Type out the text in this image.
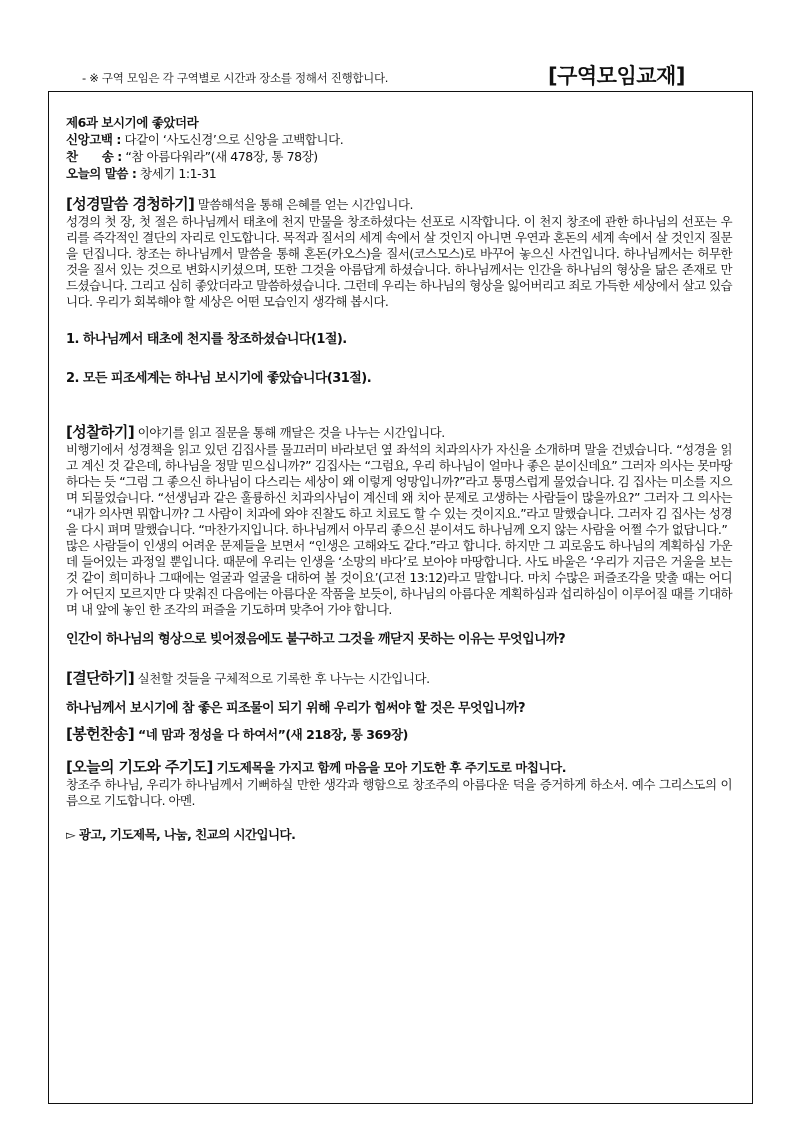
- ※ 구역 모임은 각 구역별로 시간과 장소를 정해서 진행합니다.	[구역모임교재]
제6과 보시기에 좋았더라
신앙고백 : 다같이 ‘사도신경’으로 신앙을 고백합니다.
찬　　송 : “참 아름다워라”(새 478장, 통 78장)
오늘의 말씀 : 창세기 1:1-31
[성경말씀 경청하기] 말씀해석을 통해 은혜를 얻는 시간입니다.

성경의 첫 장, 첫 절은 하나님께서 태초에 천지 만물을 창조하셨다는 선포로 시작합니다. 이 천지 창조에 관한 하나님의 선포는 우리를 즉각적인 결단의 자리로 인도합니다. 목적과 질서의 세계 속에서 살 것인지 아니면 우연과 혼돈의 세계 속에서 살 것인지 질문을 던집니다. 창조는 하나님께서 말씀을 통해 혼돈(카오스)을 질서(코스모스)로 바꾸어 놓으신 사건입니다. 하나님께서는 허무한 것을 질서 있는 것으로 변화시키셨으며, 또한 그것을 아름답게 하셨습니다. 하나님께서는 인간을 하나님의 형상을 닮은 존재로 만드셨습니다. 그리고 심히 좋았더라고 말씀하셨습니다. 그런데 우리는 하나님의 형상을 잃어버리고 죄로 가득한 세상에서 살고 있습니다. 우리가 회복해야 할 세상은 어떤 모습인지 생각해 봅시다.

1. 하나님께서 태초에 천지를 창조하셨습니다(1절).
2. 모든 피조세계는 하나님 보시기에 좋았습니다(31절).
[성찰하기] 이야기를 읽고 질문을 통해 깨달은 것을 나누는 시간입니다.

비행기에서 성경책을 읽고 있던 김집사를 물끄러미 바라보던 옆 좌석의 치과의사가 자신을 소개하며 말을 건넸습니다. “성경을 읽고 계신 것 같은데, 하나님을 정말 믿으십니까?” 김집사는 “그럼요, 우리 하나님이 얼마나 좋은 분이신데요” 그러자 의사는 못마땅하다는 듯 “그럼 그 좋으신 하나님이 다스리는 세상이 왜 이렇게 엉망입니까?”라고 퉁명스럽게 물었습니다. 김 집사는 미소를 지으며 되물었습니다. “선생님과 같은 훌륭하신 치과의사님이 계신데 왜 치아 문제로 고생하는 사람들이 많을까요?” 그러자 그 의사는 “내가 의사면 뭐합니까? 그 사람이 치과에 와야 진찰도 하고 치료도 할 수 있는 것이지요.”라고 말했습니다. 그러자 김 집사는 성경을 다시 펴며 말했습니다. “마찬가지입니다. 하나님께서 아무리 좋으신 분이셔도 하나님께 오지 않는 사람을 어쩔 수가 없답니다.”

많은 사람들이 인생의 어려운 문제들을 보면서 “인생은 고해와도 같다.”라고 합니다. 하지만 그 괴로움도 하나님의 계획하심 가운데 들어있는 과정일 뿐입니다. 때문에 우리는 인생을 ‘소망의 바다’로 보아야 마땅합니다. 사도 바울은 ‘우리가 지금은 거울을 보는 것 같이 희미하나 그때에는 얼굴과 얼굴을 대하여 볼 것이요’(고전 13:12)라고 말합니다. 마치 수많은 퍼즐조각을 맞출 때는 어디가 어딘지 모르지만 다 맞춰진 다음에는 아름다운 작품을 보듯이, 하나님의 아름다운 계획하심과 섭리하심이 이루어질 때를 기대하며 내 앞에 놓인 한 조각의 퍼즐을 기도하며 맞추어 가야 합니다.

인간이 하나님의 형상으로 빚어졌음에도 불구하고 그것을 깨닫지 못하는 이유는 무엇입니까?
[결단하기] 실천할 것들을 구체적으로 기록한 후 나누는 시간입니다.
하나님께서 보시기에 참 좋은 피조물이 되기 위해 우리가 힘써야 할 것은 무엇입니까?
[봉헌찬송] “네 맘과 정성을 다 하여서”(새 218장, 통 369장)
[오늘의 기도와 주기도] 기도제목을 가지고 함께 마음을 모아 기도한 후 주기도로 마칩니다.

창조주 하나님, 우리가 하나님께서 기뻐하실 만한 생각과 행함으로 창조주의 아름다운 덕을 증거하게 하소서. 예수 그리스도의 이름으로 기도합니다. 아멘.

▻ 광고, 기도제목, 나눔, 친교의 시간입니다.
